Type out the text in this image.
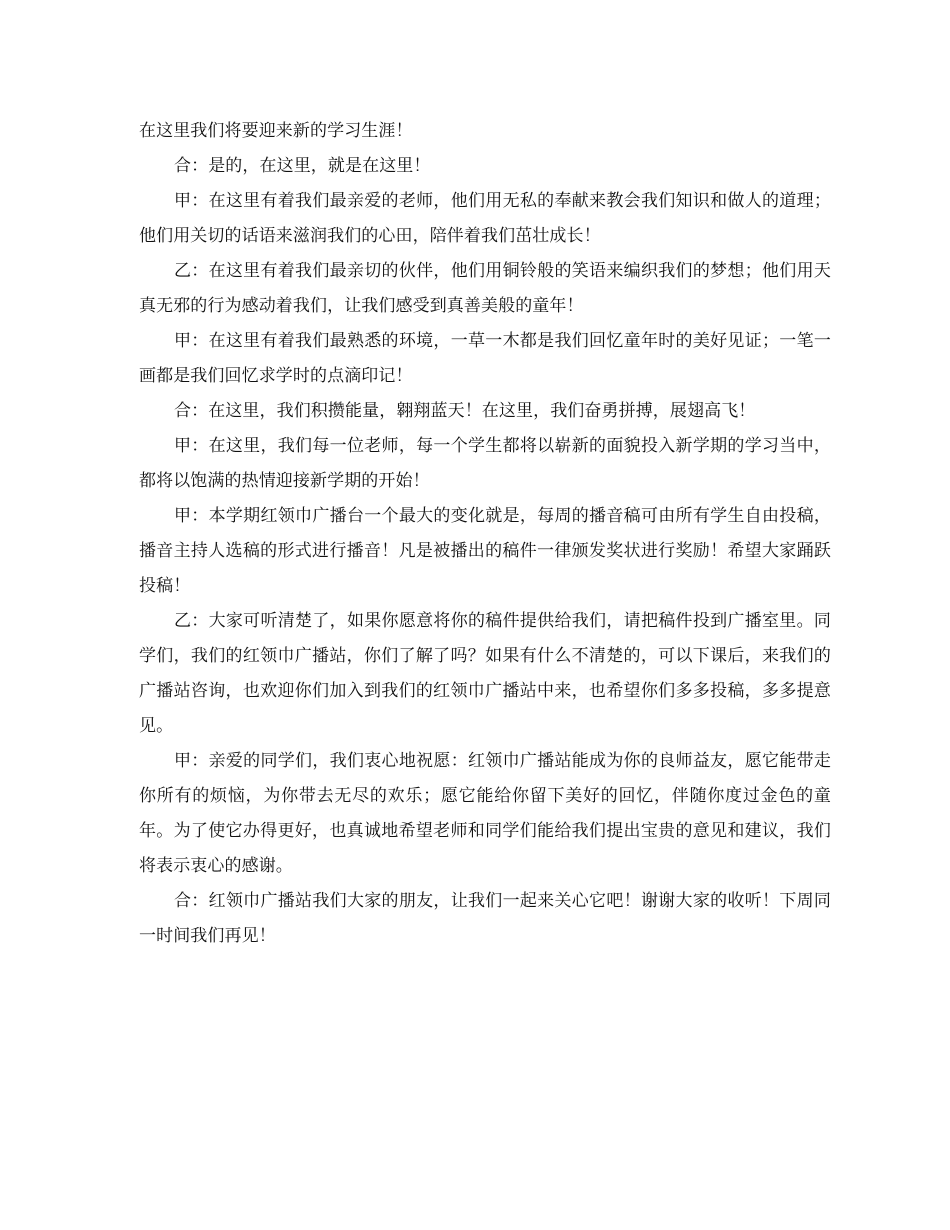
在这里我们将要迎来新的学习生涯！

合：是的，在这里，就是在这里！

甲：在这里有着我们最亲爱的老师，他们用无私的奉献来教会我们知识和做人的道理；他们用关切的话语来滋润我们的心田，陪伴着我们茁壮成长！

乙：在这里有着我们最亲切的伙伴，他们用铜铃般的笑语来编织我们的梦想；他们用天真无邪的行为感动着我们，让我们感受到真善美般的童年！

甲：在这里有着我们最熟悉的环境，一草一木都是我们回忆童年时的美好见证；一笔一画都是我们回忆求学时的点滴印记！

合：在这里，我们积攒能量，翱翔蓝天！在这里，我们奋勇拼搏，展翅高飞！

甲：在这里，我们每一位老师，每一个学生都将以崭新的面貌投入新学期的学习当中，都将以饱满的热情迎接新学期的开始！

甲：本学期红领巾广播台一个最大的变化就是，每周的播音稿可由所有学生自由投稿，播音主持人选稿的形式进行播音！凡是被播出的稿件一律颁发奖状进行奖励！希望大家踊跃投稿！

乙：大家可听清楚了，如果你愿意将你的稿件提供给我们，请把稿件投到广播室里。同学们，我们的红领巾广播站，你们了解了吗？如果有什么不清楚的，可以下课后，来我们的广播站咨询，也欢迎你们加入到我们的红领巾广播站中来，也希望你们多多投稿，多多提意见。

甲：亲爱的同学们，我们衷心地祝愿：红领巾广播站能成为你的良师益友，愿它能带走你所有的烦恼，为你带去无尽的欢乐；愿它能给你留下美好的回忆，伴随你度过金色的童年。为了使它办得更好，也真诚地希望老师和同学们能给我们提出宝贵的意见和建议，我们将表示衷心的感谢。

合：红领巾广播站我们大家的朋友，让我们一起来关心它吧！谢谢大家的收听！下周同一时间我们再见！
